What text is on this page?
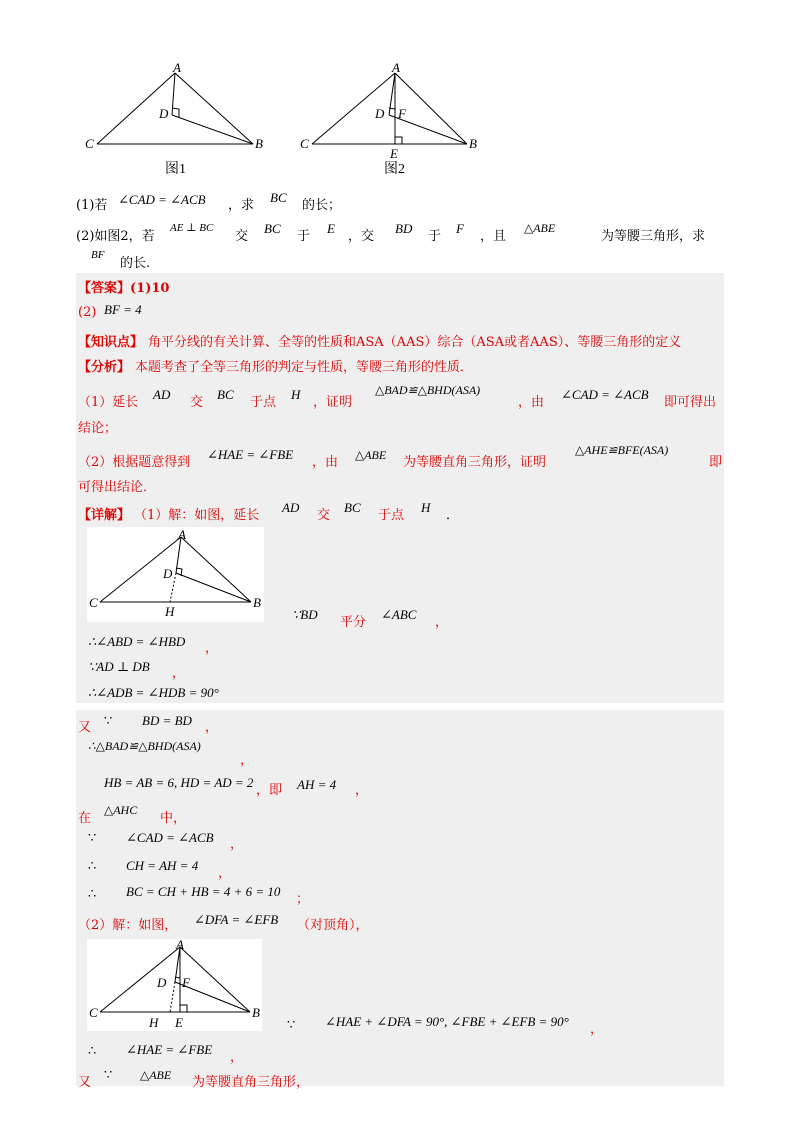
A
C	B
D
图1
A
C	B
D F
E
图2
(1)若 ∠CAD = ∠ACB ，求
BC
的长；
(2)如图2，若
AE ⊥ BC
交
BC
于
E
，交
BD
于
F
，且
△ABE
为等腰三角形，求
BF
的长.
【答案】(1)10
(2) BF = 4
【知识点】 角平分线的有关计算、全等的性质和ASA（AAS）综合（ASA或者AAS）、等腰三角形的定义
【分析】 本题考查了全等三角形的判定与性质，等腰三角形的性质．
（1）延长
AD
交
BC
于点
H
，证明
△BAD≌△BHD(ASA)
，由
∠CAD = ∠ACB
即可得出
结论；
（2）根据题意得到
∠HAE = ∠FBE
，由 △ABE 为等腰直角三角形，证明
△AHE≌BFE(ASA)
即
可得出结论．
【详解】 （1）解：如图，延长
AD
交
BC
于点
H
．
A
C	B
D
H	∵BD
平分
∠ABC
，
∴∠ABD = ∠HBD ，
∵AD ⊥ DB ，
∴∠ADB = ∠HDB = 90°
又 ∵ BD = BD ，
∴△BAD≌△BHD(ASA)
，
HB = AB = 6, HD = AD = 2
，即 AH = 4 ，
在
△AHC
中，
∵ ∠CAD = ∠ACB ，
∴ CH = AH = 4
，
∴ BC = CH + HB = 4 + 6 = 10
；
（2）解：如图， ∠DFA = ∠EFB （对顶角），
A
C	B
D F
H E	∵ ∠HAE + ∠DFA = 90°, ∠FBE + ∠EFB = 90°
，
∴ ∠HAE = ∠FBE
，
又 ∵ △ABE 为等腰直角三角形，
